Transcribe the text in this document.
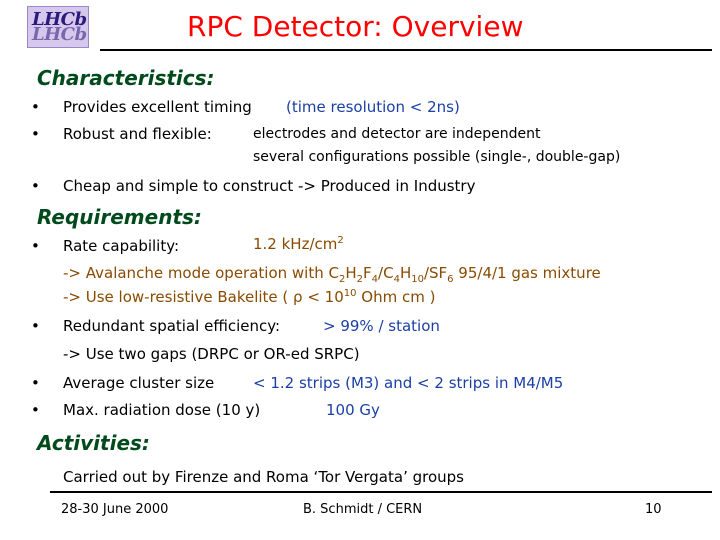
LHCb
LHCb	RPC Detector: Overview
Characteristics:
• Provides excellent timing (time resolution < 2ns)
• Robust and flexible:	electrodes and detector are independent
several configurations possible (single-, double-gap)
• Cheap and simple to construct -> Produced in Industry
Requirements:
• Rate capability:	1.2 kHz/$cm^2$
-> Avalanche mode operation with $C_2H_2F_4/C_4H_{10}/SF_6$ 95/4/1 gas mixture
-> Use low-resistive Bakelite ( $\rho < 10^{10}$ Ohm cm )
• Redundant spatial efficiency:	> 99% / station
-> Use two gaps (DRPC or OR-ed SRPC)
• Average cluster size	< 1.2 strips (M3) and < 2 strips in M4/M5
• Max. radiation dose (10 y)	100 Gy
Activities:
Carried out by Firenze and Roma ‘Tor Vergata’ groups
28-30 June 2000	B. Schmidt / CERN	10
